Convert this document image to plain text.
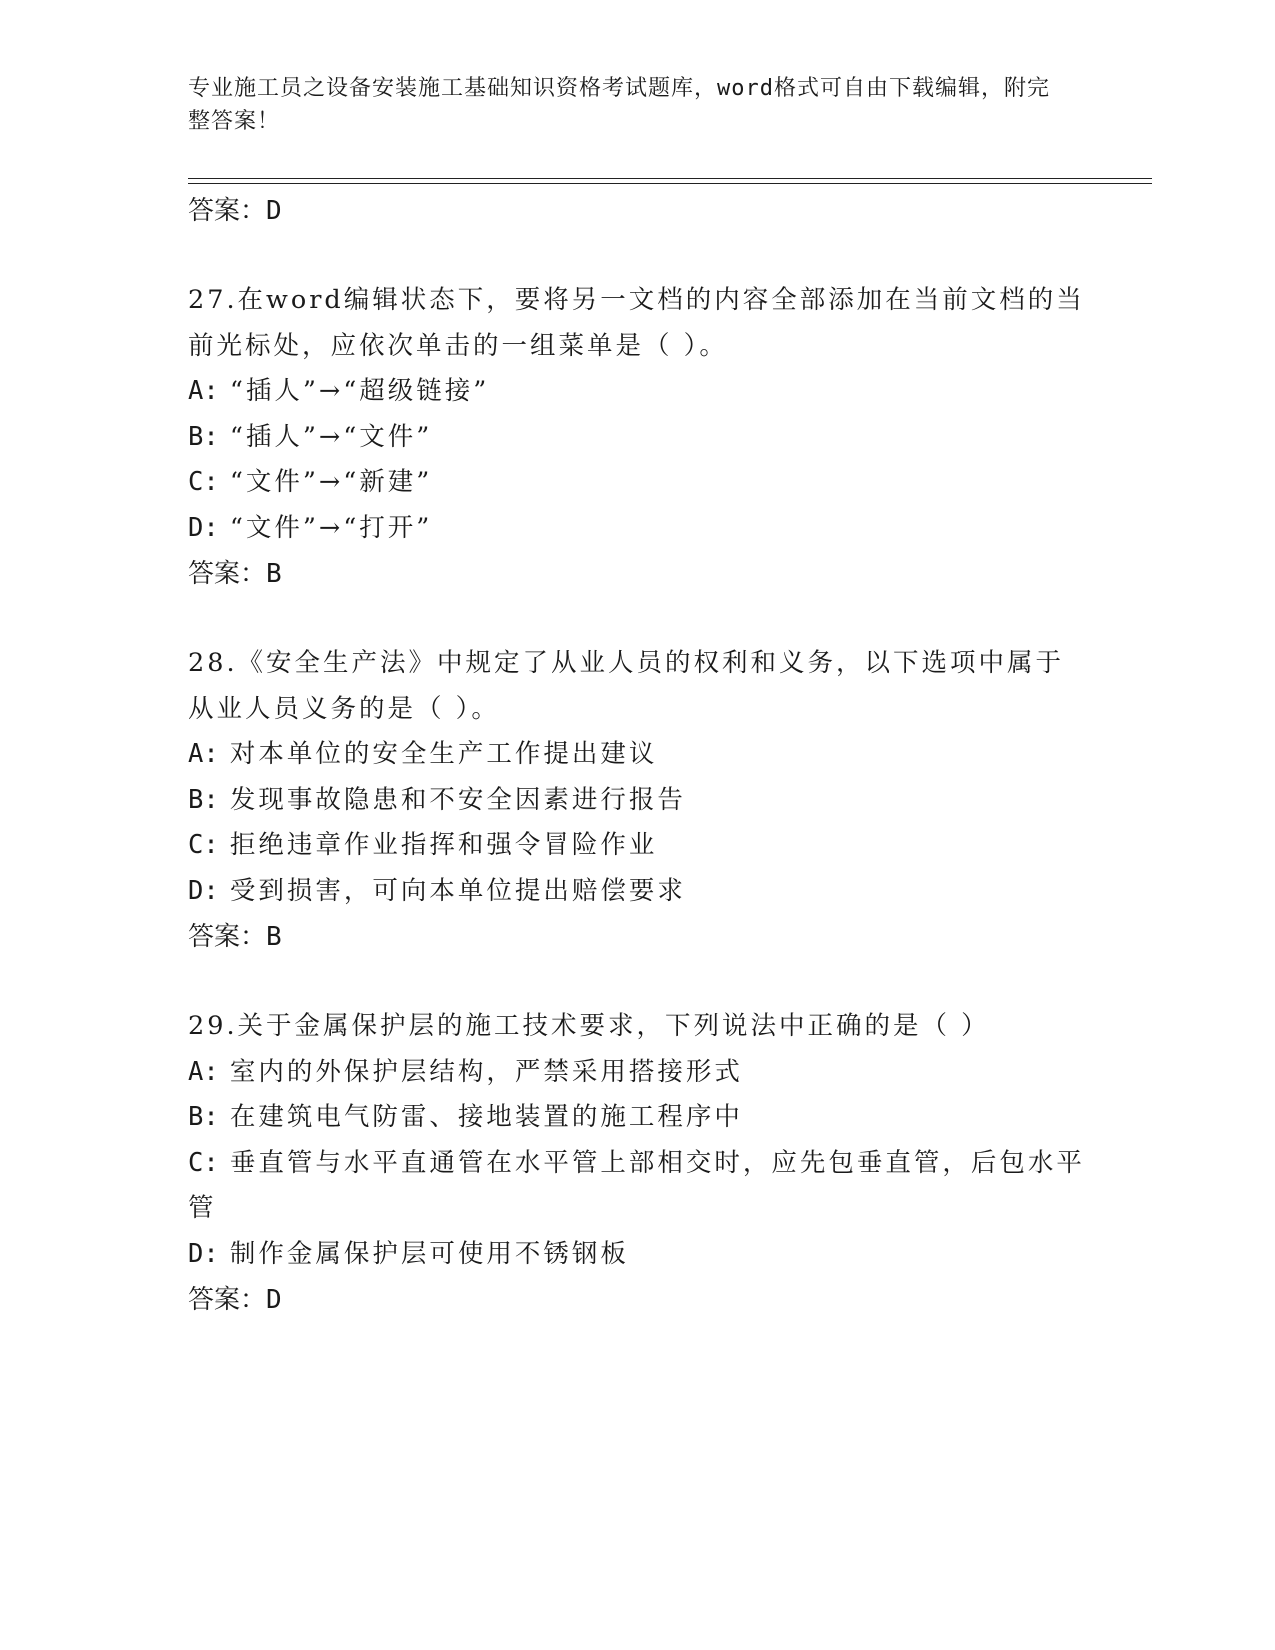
专业施工员之设备安装施工基础知识资格考试题库，word格式可自由下载编辑，附完整答案！
答案：D
27.在word编辑状态下，要将另一文档的内容全部添加在当前文档的当前光标处，应依次单击的一组菜单是（ ）。
A: “插人”→“超级链接”
B: “插人”→“文件”
C: “文件”→“新建”
D: “文件”→“打开”
答案：B
28.《安全生产法》中规定了从业人员的权利和义务，以下选项中属于从业人员义务的是（ ）。
A: 对本单位的安全生产工作提出建议
B: 发现事故隐患和不安全因素进行报告
C: 拒绝违章作业指挥和强令冒险作业
D: 受到损害，可向本单位提出赔偿要求
答案：B
29.关于金属保护层的施工技术要求，下列说法中正确的是（ ）
A: 室内的外保护层结构，严禁采用搭接形式
B: 在建筑电气防雷、接地装置的施工程序中
C: 垂直管与水平直通管在水平管上部相交时，应先包垂直管，后包水平管
D: 制作金属保护层可使用不锈钢板
答案：D
